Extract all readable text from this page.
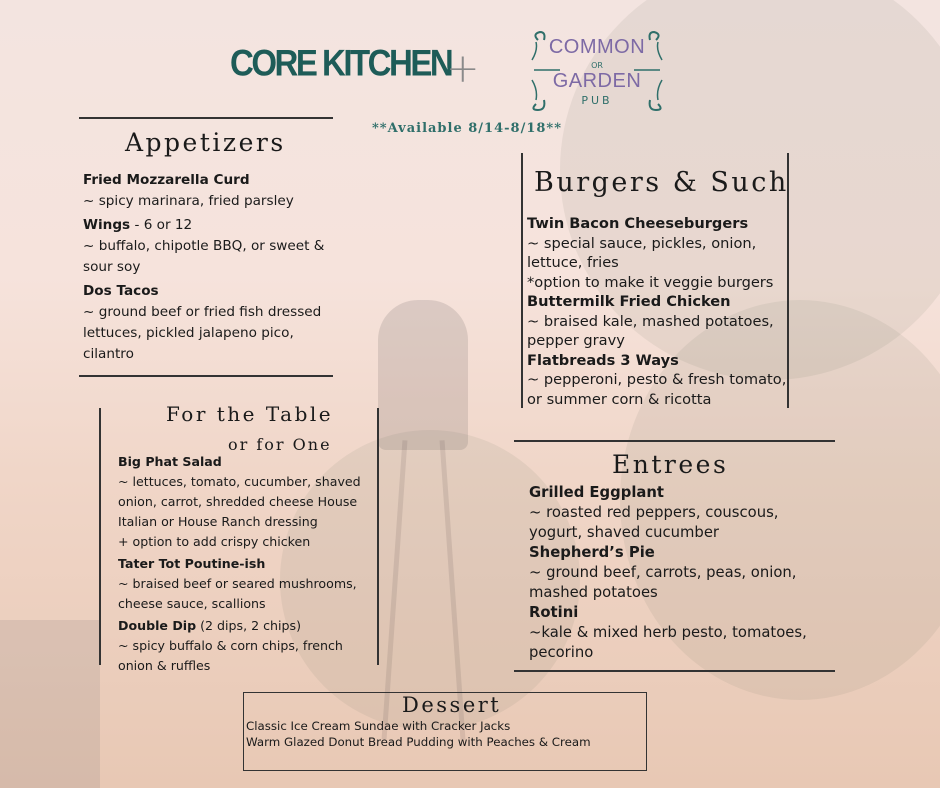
CORE KITCHEN
+	COMMON
OR
GARDEN
PUB
**Available 8/14-8/18**
Appetizers
Burgers & Such
For the Table
or for One
Entrees
Dessert
Fried Mozzarella Curd
~ spicy marinara, fried parsley
Wings - 6 or 12
~ buffalo, chipotle BBQ, or sweet & sour soy
Dos Tacos
~ ground beef or fried fish dressed lettuces, pickled jalapeno pico, cilantro
Twin Bacon Cheeseburgers
~ special sauce, pickles, onion, lettuce, fries
*option to make it veggie burgers
Buttermilk Fried Chicken
~ braised kale, mashed potatoes, pepper gravy
Flatbreads 3 Ways
~ pepperoni, pesto & fresh tomato, or summer corn & ricotta
Big Phat Salad
~ lettuces, tomato, cucumber, shaved onion, carrot, shredded cheese House Italian or House Ranch dressing
+ option to add crispy chicken
Tater Tot Poutine-ish
~ braised beef or seared mushrooms, cheese sauce, scallions
Double Dip (2 dips, 2 chips)
~ spicy buffalo & corn chips, french onion & ruffles
Grilled Eggplant
~ roasted red peppers, couscous, yogurt, shaved cucumber
Shepherd’s Pie
~ ground beef, carrots, peas, onion, mashed potatoes
Rotini
~kale & mixed herb pesto, tomatoes, pecorino
Classic Ice Cream Sundae with Cracker Jacks
Warm Glazed Donut Bread Pudding with Peaches & Cream
